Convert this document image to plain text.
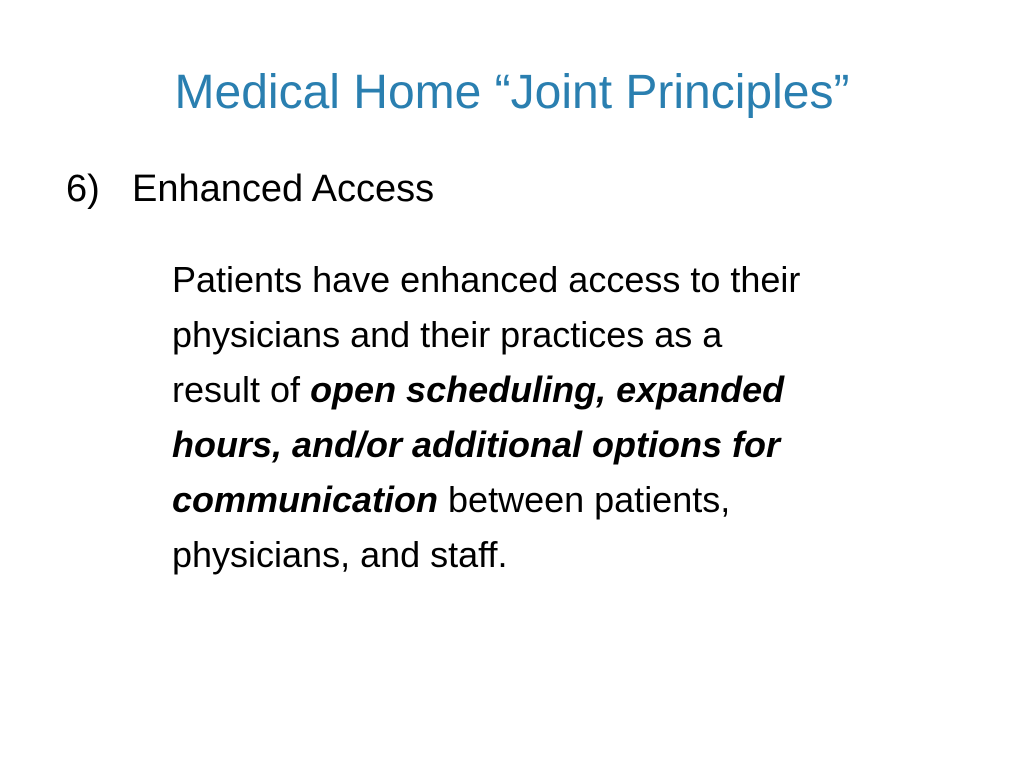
Medical Home “Joint Principles”
6) Enhanced Access
Patients have enhanced access to their
physicians and their practices as a
result of open scheduling, expanded
hours, and/or additional options for
communication between patients,
physicians, and staff.
